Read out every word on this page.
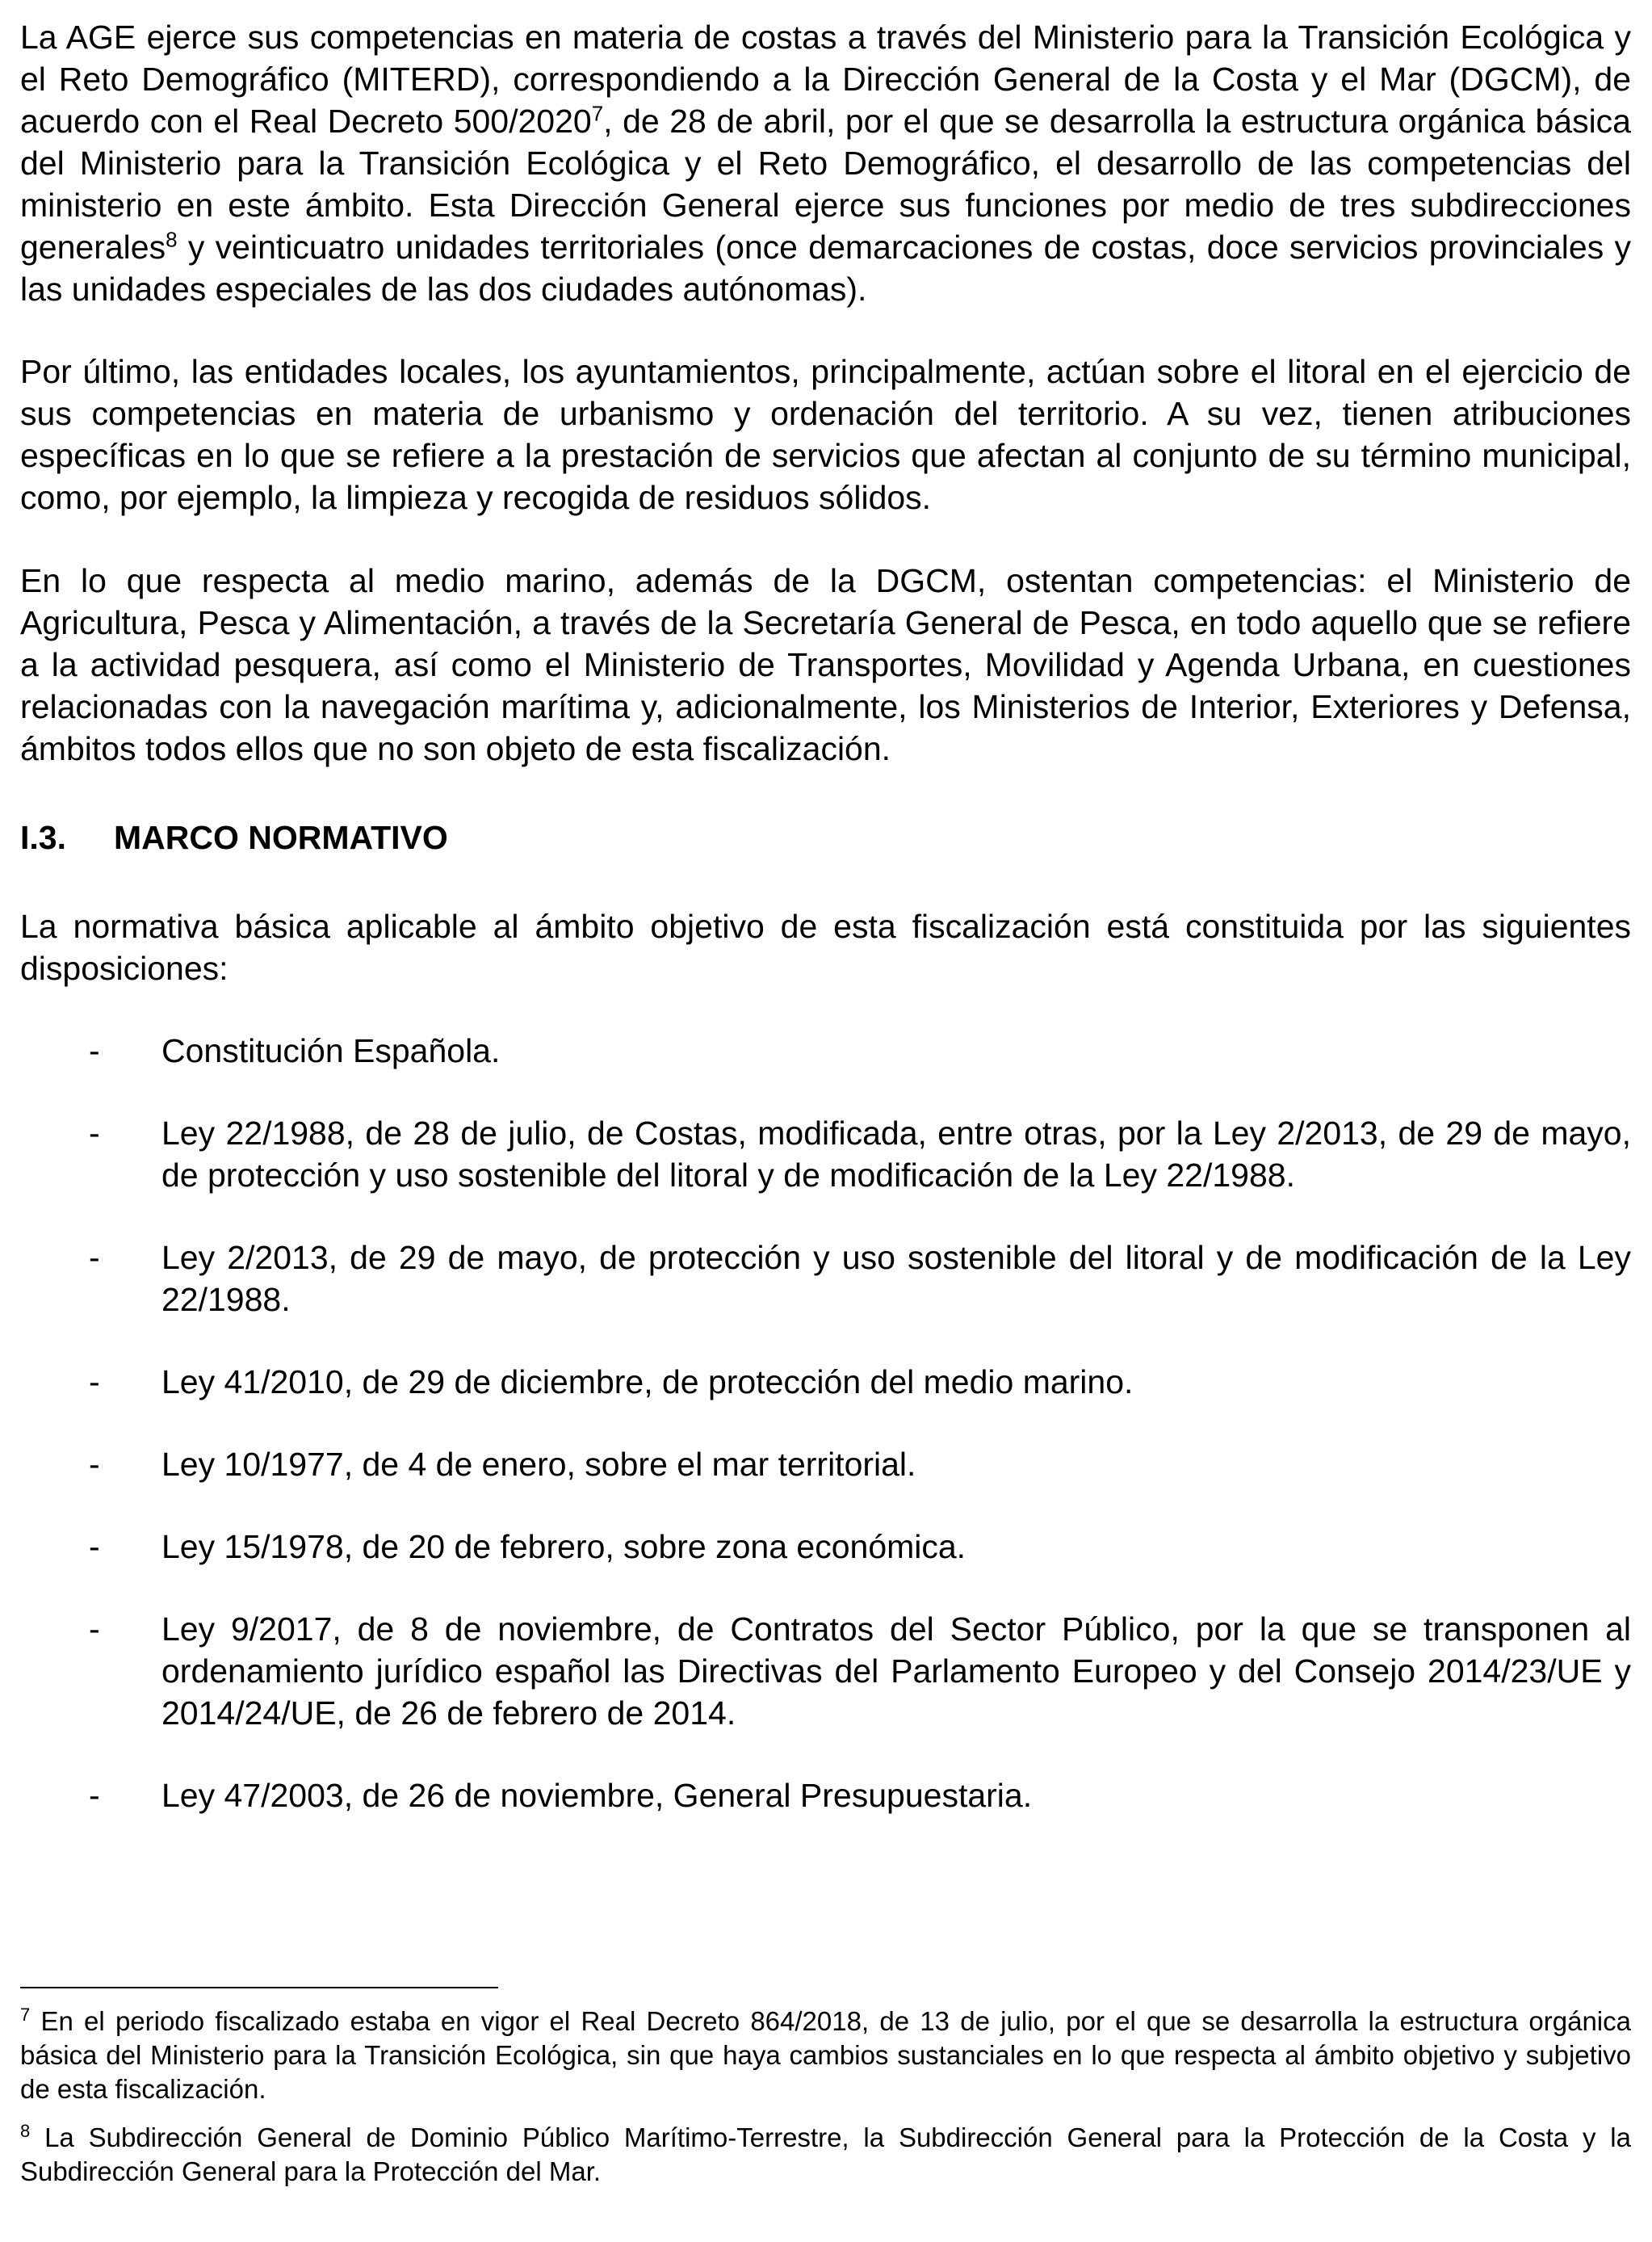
La AGE ejerce sus competencias en materia de costas a través del Ministerio para la Transición Ecológica y el Reto Demográfico (MITERD), correspondiendo a la Dirección General de la Costa y el Mar (DGCM), de acuerdo con el Real Decreto 500/2020$^7$, de 28 de abril, por el que se desarrolla la estructura orgánica básica del Ministerio para la Transición Ecológica y el Reto Demográfico, el desarrollo de las competencias del ministerio en este ámbito. Esta Dirección General ejerce sus funciones por medio de tres subdirecciones generales$^8$ y veinticuatro unidades territoriales (once demarcaciones de costas, doce servicios provinciales y las unidades especiales de las dos ciudades autónomas).

Por último, las entidades locales, los ayuntamientos, principalmente, actúan sobre el litoral en el ejercicio de sus competencias en materia de urbanismo y ordenación del territorio. A su vez, tienen atribuciones específicas en lo que se refiere a la prestación de servicios que afectan al conjunto de su término municipal, como, por ejemplo, la limpieza y recogida de residuos sólidos.

En lo que respecta al medio marino, además de la DGCM, ostentan competencias: el Ministerio de Agricultura, Pesca y Alimentación, a través de la Secretaría General de Pesca, en todo aquello que se refiere a la actividad pesquera, así como el Ministerio de Transportes, Movilidad y Agenda Urbana, en cuestiones relacionadas con la navegación marítima y, adicionalmente, los Ministerios de Interior, Exteriores y Defensa, ámbitos todos ellos que no son objeto de esta fiscalización.

I.3.	MARCO NORMATIVO

La normativa básica aplicable al ámbito objetivo de esta fiscalización está constituida por las siguientes disposiciones:

-	Constitución Española.
-	Ley 22/1988, de 28 de julio, de Costas, modificada, entre otras, por la Ley 2/2013, de 29 de mayo, de protección y uso sostenible del litoral y de modificación de la Ley 22/1988.
-	Ley 2/2013, de 29 de mayo, de protección y uso sostenible del litoral y de modificación de la Ley 22/1988.
-	Ley 41/2010, de 29 de diciembre, de protección del medio marino.
-	Ley 10/1977, de 4 de enero, sobre el mar territorial.
-	Ley 15/1978, de 20 de febrero, sobre zona económica.
-	Ley 9/2017, de 8 de noviembre, de Contratos del Sector Público, por la que se transponen al ordenamiento jurídico español las Directivas del Parlamento Europeo y del Consejo 2014/23/UE y 2014/24/UE, de 26 de febrero de 2014.
-	Ley 47/2003, de 26 de noviembre, General Presupuestaria.

$^7$ En el periodo fiscalizado estaba en vigor el Real Decreto 864/2018, de 13 de julio, por el que se desarrolla la estructura orgánica básica del Ministerio para la Transición Ecológica, sin que haya cambios sustanciales en lo que respecta al ámbito objetivo y subjetivo de esta fiscalización.

$^8$ La Subdirección General de Dominio Público Marítimo-Terrestre, la Subdirección General para la Protección de la Costa y la Subdirección General para la Protección del Mar.
